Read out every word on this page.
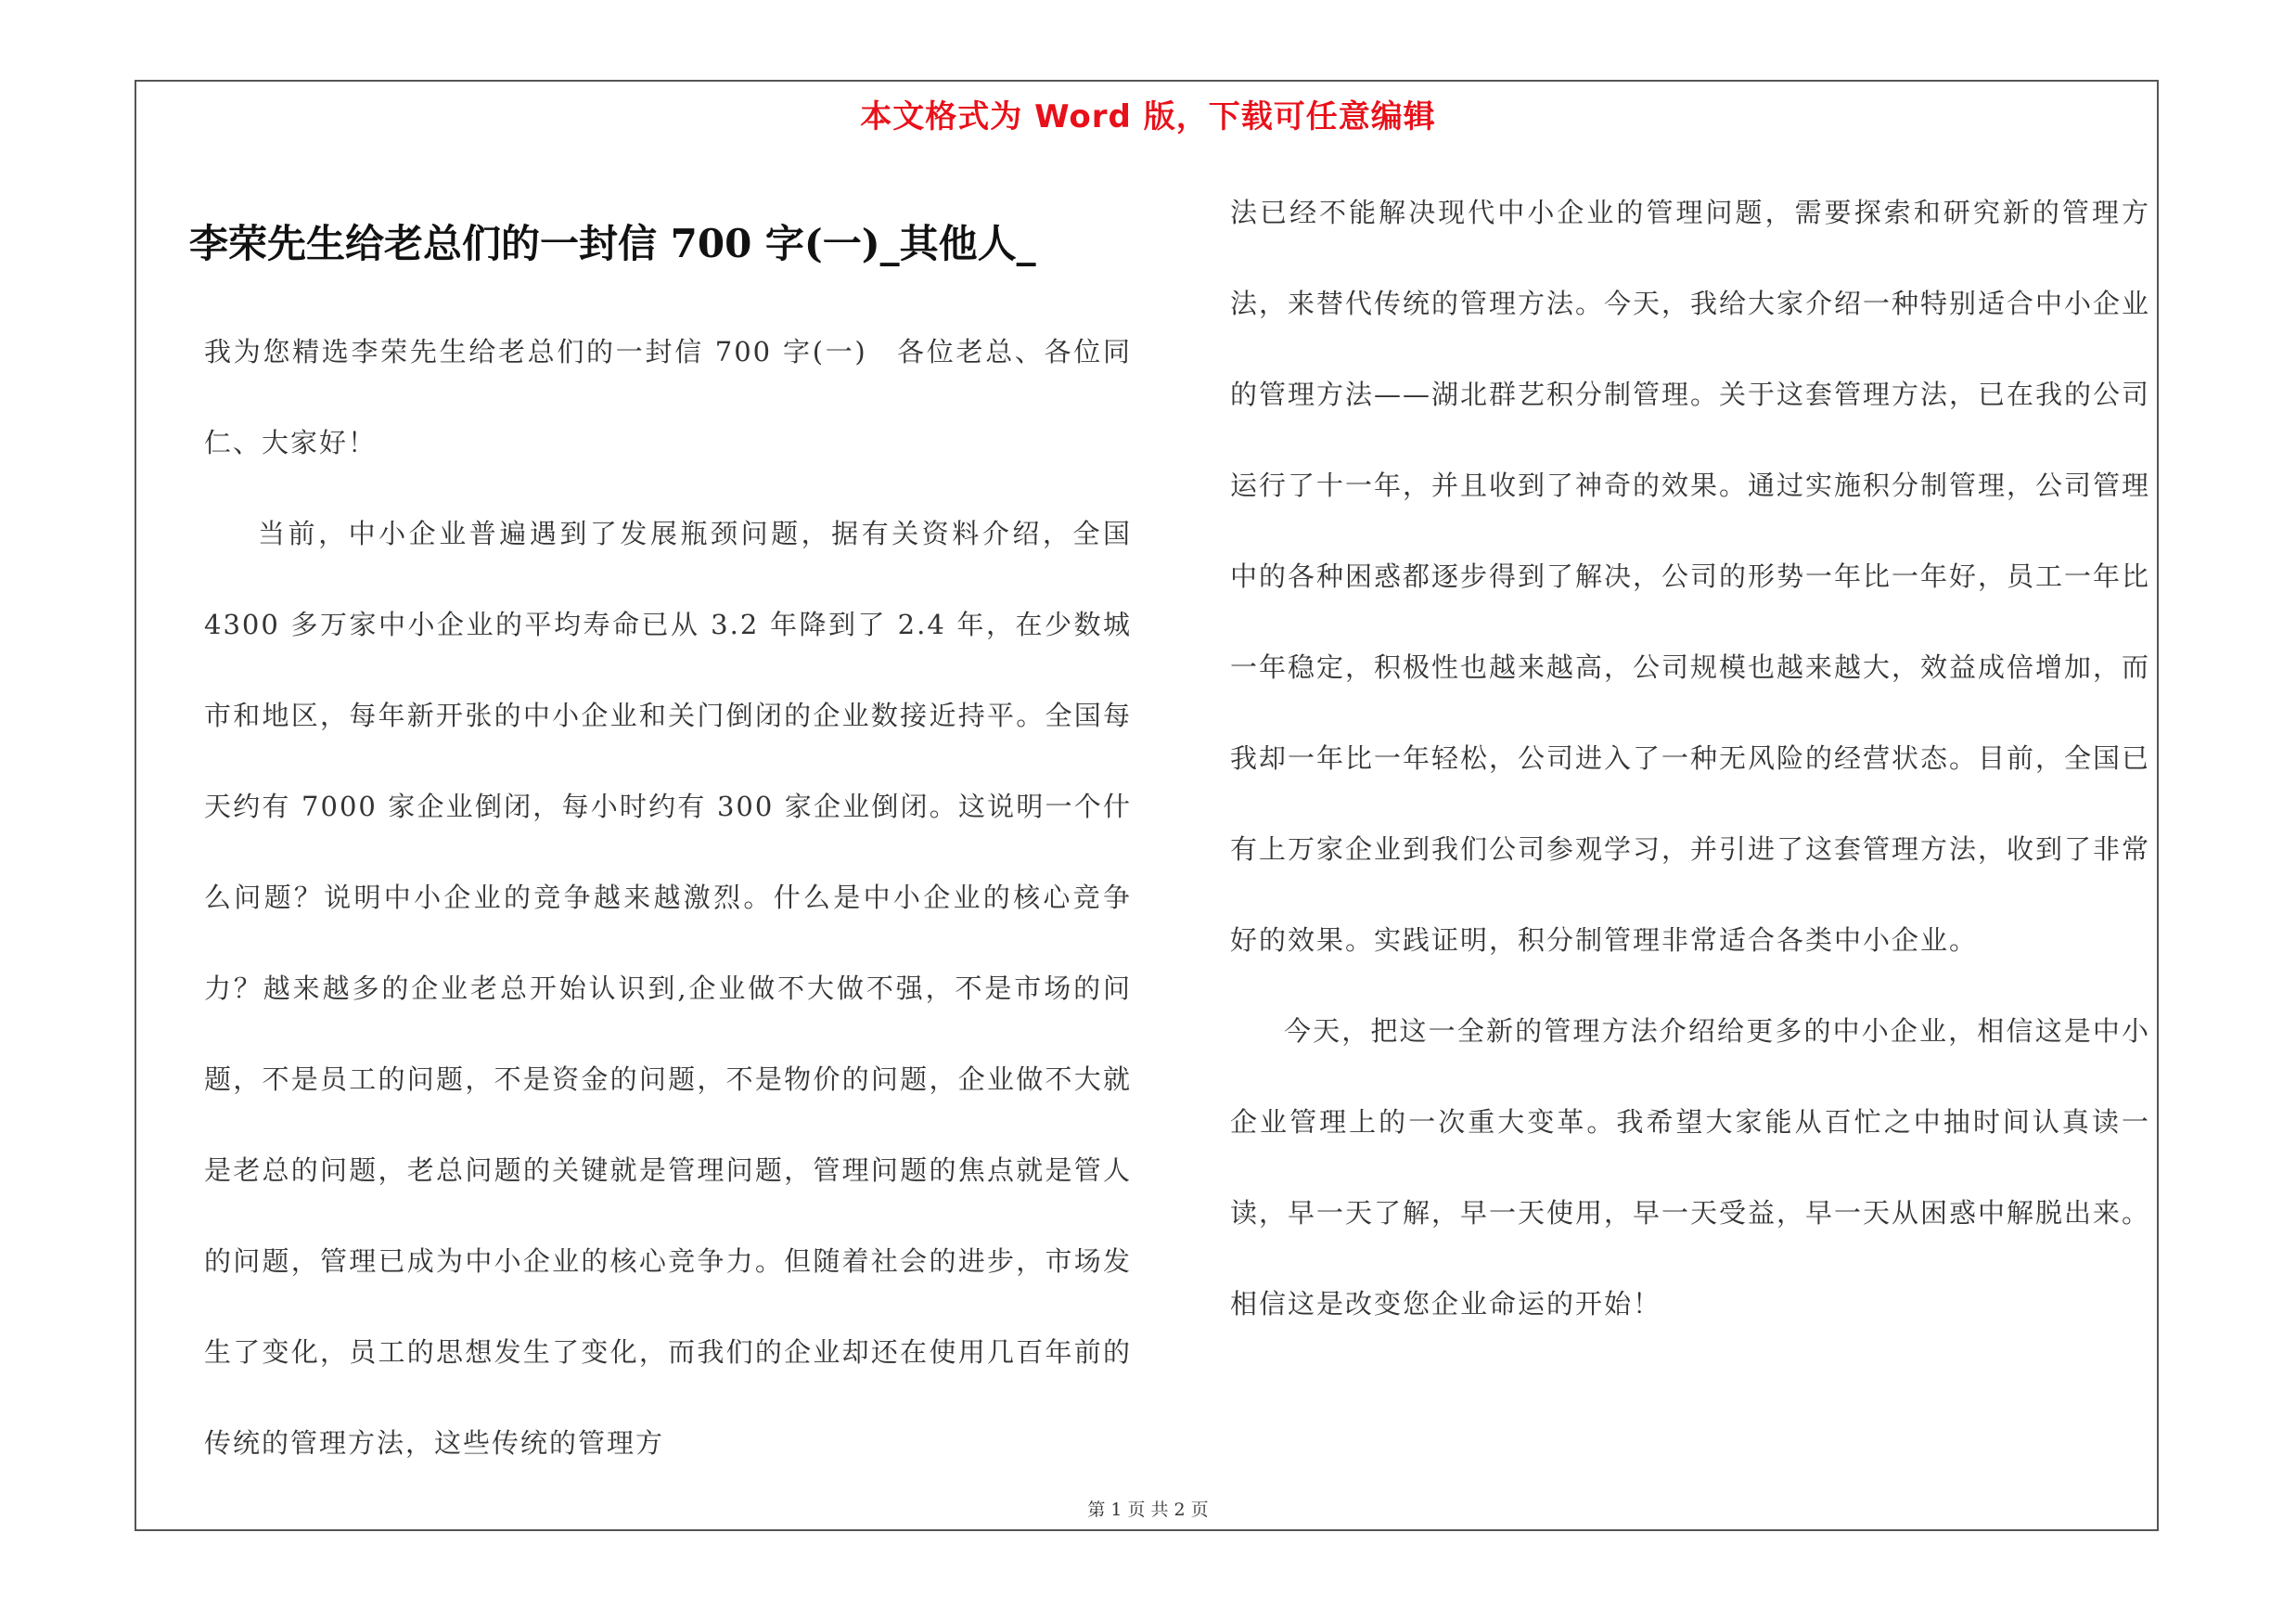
本文格式为 Word 版，下载可任意编辑
李荣先生给老总们的一封信 700 字(一)_其他人_

我为您精选李荣先生给老总们的一封信 700 字(一)　各位老总、各位同仁、大家好！

当前，中小企业普遍遇到了发展瓶颈问题，据有关资料介绍，全国 4300 多万家中小企业的平均寿命已从 3.2 年降到了 2.4 年，在少数城市和地区，每年新开张的中小企业和关门倒闭的企业数接近持平。全国每天约有 7000 家企业倒闭，每小时约有 300 家企业倒闭。这说明一个什么问题？说明中小企业的竞争越来越激烈。什么是中小企业的核心竞争力？越来越多的企业老总开始认识到,企业做不大做不强，不是市场的问题，不是员工的问题，不是资金的问题，不是物价的问题，企业做不大就是老总的问题，老总问题的关键就是管理问题，管理问题的焦点就是管人的问题，管理已成为中小企业的核心竞争力。但随着社会的进步，市场发生了变化，员工的思想发生了变化，而我们的企业却还在使用几百年前的传统的管理方法，这些传统的管理方

法已经不能解决现代中小企业的管理问题，需要探索和研究新的管理方法，来替代传统的管理方法。今天，我给大家介绍一种特别适合中小企业的管理方法——湖北群艺积分制管理。关于这套管理方法，已在我的公司运行了十一年，并且收到了神奇的效果。通过实施积分制管理，公司管理中的各种困惑都逐步得到了解决，公司的形势一年比一年好，员工一年比一年稳定，积极性也越来越高，公司规模也越来越大，效益成倍增加，而我却一年比一年轻松，公司进入了一种无风险的经营状态。目前，全国已有上万家企业到我们公司参观学习，并引进了这套管理方法，收到了非常好的效果。实践证明，积分制管理非常适合各类中小企业。

今天，把这一全新的管理方法介绍给更多的中小企业，相信这是中小企业管理上的一次重大变革。我希望大家能从百忙之中抽时间认真读一读，早一天了解，早一天使用，早一天受益，早一天从困惑中解脱出来。相信这是改变您企业命运的开始！

第 1 页 共 2 页
